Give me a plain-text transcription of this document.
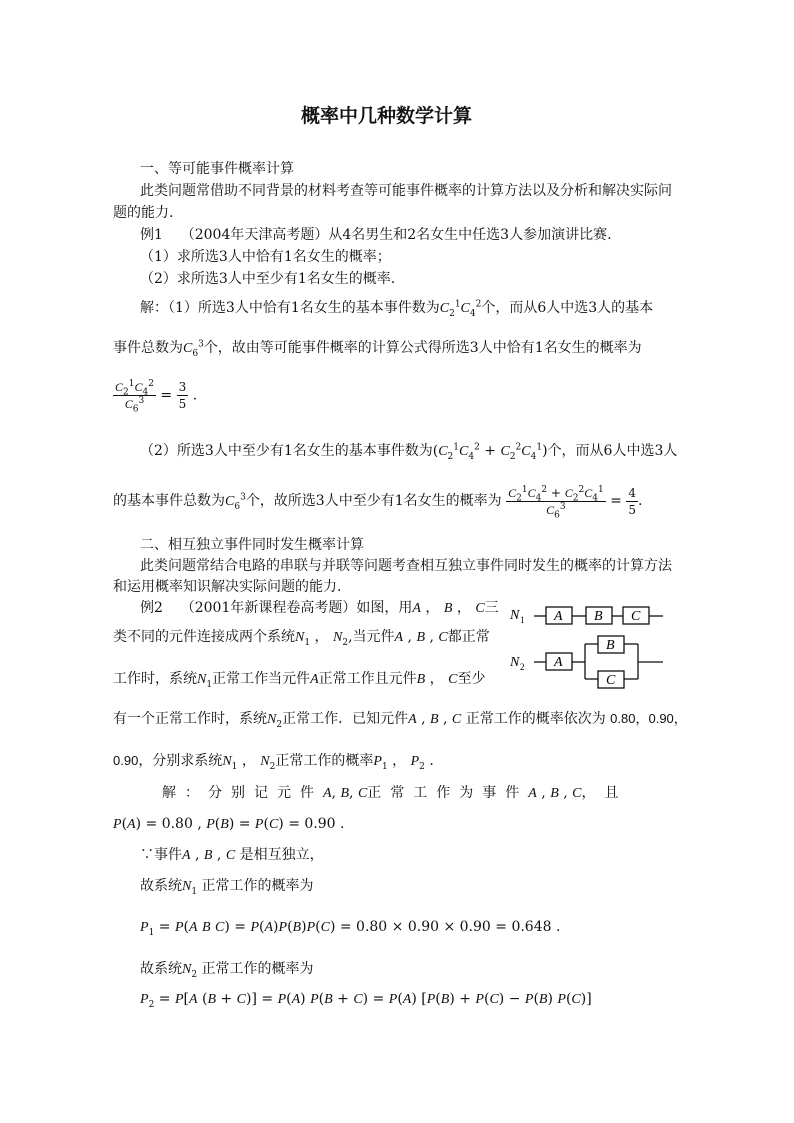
概率中几种数学计算
一、等可能事件概率计算
此类问题常借助不同背景的材料考查等可能事件概率的计算方法以及分析和解决实际问
题的能力.
例1 （2004年天津高考题）从4名男生和2名女生中任选3人参加演讲比赛.
（1）求所选3人中恰有1名女生的概率；
（2）求所选3人中至少有1名女生的概率.
解：（1）所选3人中恰有1名女生的基本事件数为$C_2^1C_4^2$个，而从6人中选3人的基本
事件总数为$C_6^3$个，故由等可能事件概率的计算公式得所选3人中恰有1名女生的概率为
$\frac{C_2^1C_4^2}{C_6^3} = \frac{3}{5}$ .
（2）所选3人中至少有1名女生的基本事件数为$(C_2^1C_4^2 + C_2^2C_4^1)$个，而从6人中选3人
的基本事件总数为$C_6^3$个，故所选3人中至少有1名女生的概率为 $\frac{C_2^1C_4^2 + C_2^2C_4^1}{C_6^3} = \frac{4}{5}$ .
二、相互独立事件同时发生概率计算
此类问题常结合电路的串联与并联等问题考查相互独立事件同时发生的概率的计算方法
和运用概率知识解决实际问题的能力.
例2 （2001年新课程卷高考题）如图，用A ， B ， C三
类不同的元件连接成两个系统$N_1$ ， $N_2$,当元件A , B , C都正常
工作时，系统$N_1$正常工作当元件A正常工作且元件B ， C至少
有一个正常工作时，系统$N_2$正常工作．已知元件A , B , C 正常工作的概率依次为 0.80，0.90，
0.90，分别求系统$N_1$ ， $N_2$正常工作的概率$P_1$ ， $P_2$ .
N 1 A B C
N 2 A
B
C
解：分别记元件A, B, C正常工作为事件A , B , C，且
P(A) = 0.80 , P(B) = P(C) = 0.90 .
∵事件A , B , C 是相互独立，
故系统$N_1$ 正常工作的概率为
$P_1 = P(A$ B C) = P(A)P(B)P(C) = 0.80 × 0.90 × 0.90 = 0.648 .
故系统$N_2$ 正常工作的概率为
$P_2 = P[A$ (B + C)] = P(A) P(B + C) = P(A) [P(B) + P(C) − P(B) P(C)]
